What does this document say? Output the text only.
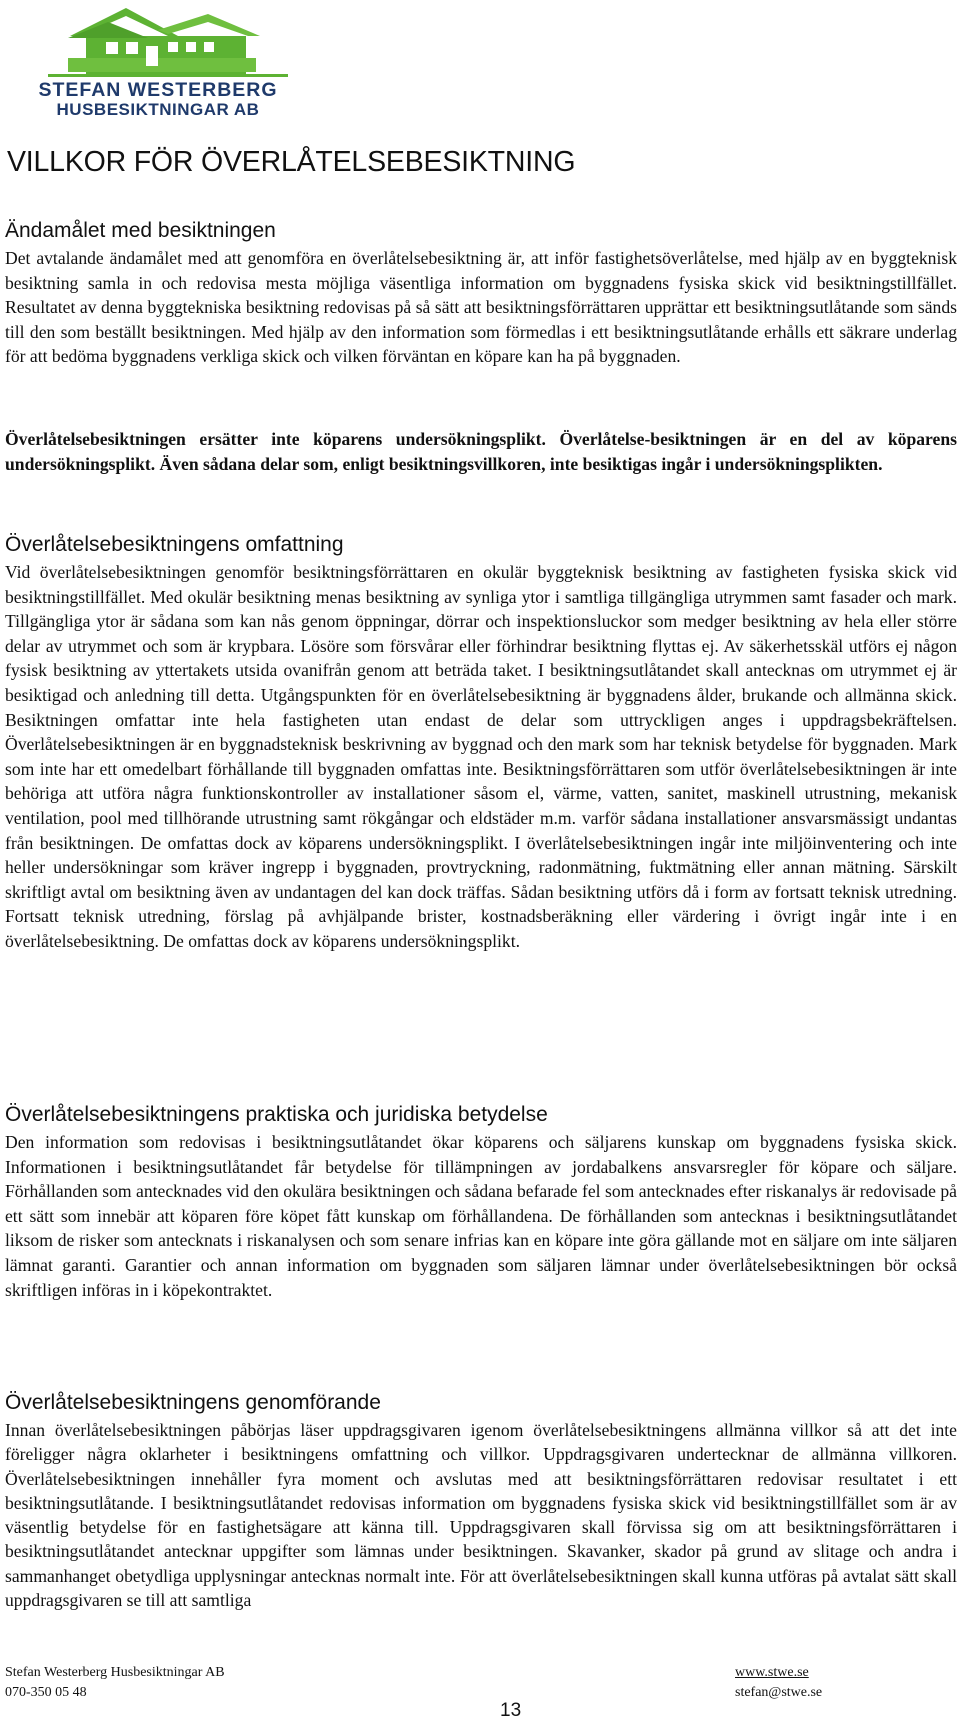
STEFAN WESTERBERG
HUSBESIKTNINGAR AB
VILLKOR FÖR ÖVERLÅTELSEBESIKTNING
Ändamålet med besiktningen

Det avtalande ändamålet med att genomföra en överlåtelsebesiktning är, att inför fastighetsöverlåtelse, med hjälp av en byggteknisk besiktning samla in och redovisa mesta möjliga väsentliga information om byggnadens fysiska skick vid besiktningstillfället. Resultatet av denna byggtekniska besiktning redovisas på så sätt att besiktningsförrättaren upprättar ett besiktningsutlåtande som sänds till den som beställt besiktningen. Med hjälp av den information som förmedlas i ett besiktningsutlåtande erhålls ett säkrare underlag för att bedöma byggnadens verkliga skick och vilken förväntan en köpare kan ha på byggnaden.

Överlåtelsebesiktningen ersätter inte köparens undersökningsplikt. Överlåtelse-besiktningen är en del av köparens undersökningsplikt. Även sådana delar som, enligt besiktningsvillkoren, inte besiktigas ingår i undersökningsplikten.

Överlåtelsebesiktningens omfattning

Vid överlåtelsebesiktningen genomför besiktningsförrättaren en okulär byggteknisk besiktning av fastigheten fysiska skick vid besiktningstillfället. Med okulär besiktning menas besiktning av synliga ytor i samtliga tillgängliga utrymmen samt fasader och mark. Tillgängliga ytor är sådana som kan nås genom öppningar, dörrar och inspektionsluckor som medger besiktning av hela eller större delar av utrymmet och som är krypbara. Lösöre som försvårar eller förhindrar besiktning flyttas ej. Av säkerhetsskäl utförs ej någon fysisk besiktning av yttertakets utsida ovanifrån genom att beträda taket. I besiktningsutlåtandet skall antecknas om utrymmet ej är besiktigad och anledning till detta. Utgångspunkten för en överlåtelsebesiktning är byggnadens ålder, brukande och allmänna skick. Besiktningen omfattar inte hela fastigheten utan endast de delar som uttryckligen anges i uppdragsbekräftelsen. Överlåtelsebesiktningen är en byggnadsteknisk beskrivning av byggnad och den mark som har teknisk betydelse för byggnaden. Mark som inte har ett omedelbart förhållande till byggnaden omfattas inte. Besiktningsförrättaren som utför överlåtelsebesiktningen är inte behöriga att utföra några funktionskontroller av installationer såsom el, värme, vatten, sanitet, maskinell utrustning, mekanisk ventilation, pool med tillhörande utrustning samt rökgångar och eldstäder m.m. varför sådana installationer ansvarsmässigt undantas från besiktningen. De omfattas dock av köparens undersökningsplikt. I överlåtelsebesiktningen ingår inte miljöinventering och inte heller undersökningar som kräver ingrepp i byggnaden, provtryckning, radonmätning, fuktmätning eller annan mätning. Särskilt skriftligt avtal om besiktning även av undantagen del kan dock träffas. Sådan besiktning utförs då i form av fortsatt teknisk utredning. Fortsatt teknisk utredning, förslag på avhjälpande brister, kostnadsberäkning eller värdering i övrigt ingår inte i en överlåtelsebesiktning. De omfattas dock av köparens undersökningsplikt.

Överlåtelsebesiktningens praktiska och juridiska betydelse

Den information som redovisas i besiktningsutlåtandet ökar köparens och säljarens kunskap om byggnadens fysiska skick. Informationen i besiktningsutlåtandet får betydelse för tillämpningen av jordabalkens ansvarsregler för köpare och säljare. Förhållanden som antecknades vid den okulära besiktningen och sådana befarade fel som antecknades efter riskanalys är redovisade på ett sätt som innebär att köparen före köpet fått kunskap om förhållandena. De förhållanden som antecknas i besiktningsutlåtandet liksom de risker som antecknats i riskanalysen och som senare infrias kan en köpare inte göra gällande mot en säljare om inte säljaren lämnat garanti. Garantier och annan information om byggnaden som säljaren lämnar under överlåtelsebesiktningen bör också skriftligen införas in i köpekontraktet.

Överlåtelsebesiktningens genomförande

Innan överlåtelsebesiktningen påbörjas läser uppdragsgivaren igenom överlåtelsebesiktningens allmänna villkor så att det inte föreligger några oklarheter i besiktningens omfattning och villkor. Uppdragsgivaren undertecknar de allmänna villkoren. Överlåtelsebesiktningen innehåller fyra moment och avslutas med att besiktningsförrättaren redovisar resultatet i ett besiktningsutlåtande. I besiktningsutlåtandet redovisas information om byggnadens fysiska skick vid besiktningstillfället som är av väsentlig betydelse för en fastighetsägare att känna till. Uppdragsgivaren skall förvissa sig om att besiktningsförrättaren i besiktningsutlåtandet antecknar uppgifter som lämnas under besiktningen. Skavanker, skador på grund av slitage och andra i sammanhanget obetydliga upplysningar antecknas normalt inte. För att överlåtelsebesiktningen skall kunna utföras på avtalat sätt skall uppdragsgivaren se till att samtliga

Stefan Westerberg Husbesiktningar AB
070-350 05 48
www.stwe.se
stefan@stwe.se
13
